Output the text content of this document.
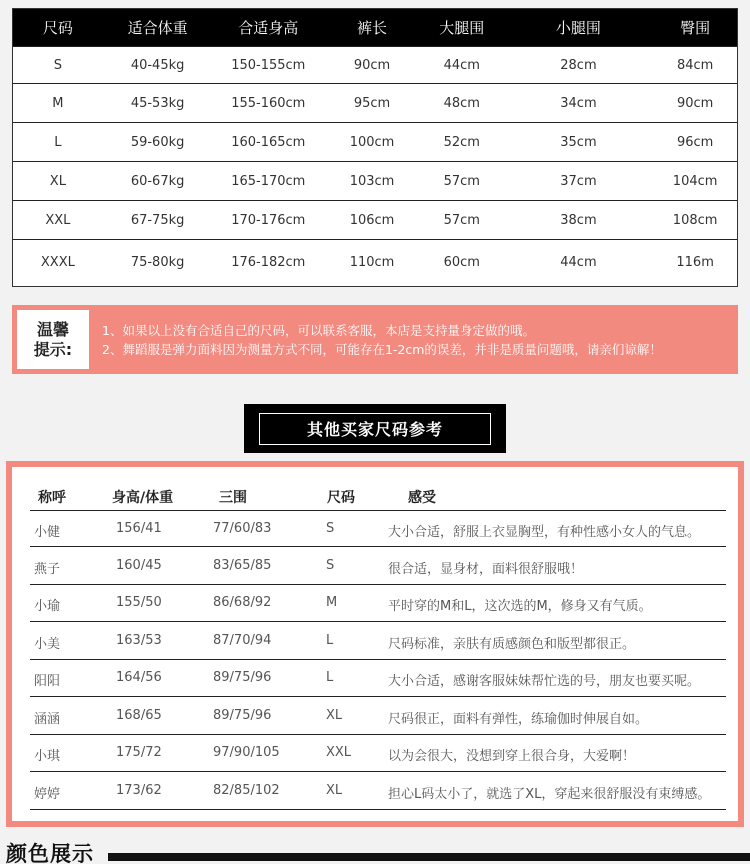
尺码	适合体重	合适身高	裤长	大腿围	小腿围	臀围
S	40-45kg	150-155cm	90cm	44cm	28cm	84cm
M	45-53kg	155-160cm	95cm	48cm	34cm	90cm
L	59-60kg	160-165cm	100cm	52cm	35cm	96cm
XL	60-67kg	165-170cm	103cm	57cm	37cm	104cm
XXL	67-75kg	170-176cm	106cm	57cm	38cm	108cm
XXXL	75-80kg	176-182cm	110cm	60cm	44cm	116m
温馨
提示:
1、如果以上没有合适自己的尺码，可以联系客服，本店是支持量身定做的哦。
2、舞蹈服是弹力面料因为测量方式不同，可能存在1-2cm的误差，并非是质量问题哦，请亲们谅解！
其他买家尺码参考
称呼	身高/体重	三围	尺码	感受
小健	156/41	77/60/83	S	大小合适，舒服上衣显胸型，有种性感小女人的气息。
燕子	160/45	83/65/85	S	很合适，显身材，面料很舒服哦！
小瑜	155/50	86/68/92	M	平时穿的M和L，这次选的M，修身又有气质。
小美	163/53	87/70/94	L	尺码标准，亲肤有质感颜色和版型都很正。
阳阳	164/56	89/75/96	L	大小合适，感谢客服妹妹帮忙选的号，朋友也要买呢。
涵涵	168/65	89/75/96	XL	尺码很正，面料有弹性，练瑜伽时伸展自如。
小琪	175/72	97/90/105	XXL	以为会很大，没想到穿上很合身，大爱啊！
婷婷	173/62	82/85/102	XL	担心L码太小了，就选了XL，穿起来很舒服没有束缚感。
颜色展示
